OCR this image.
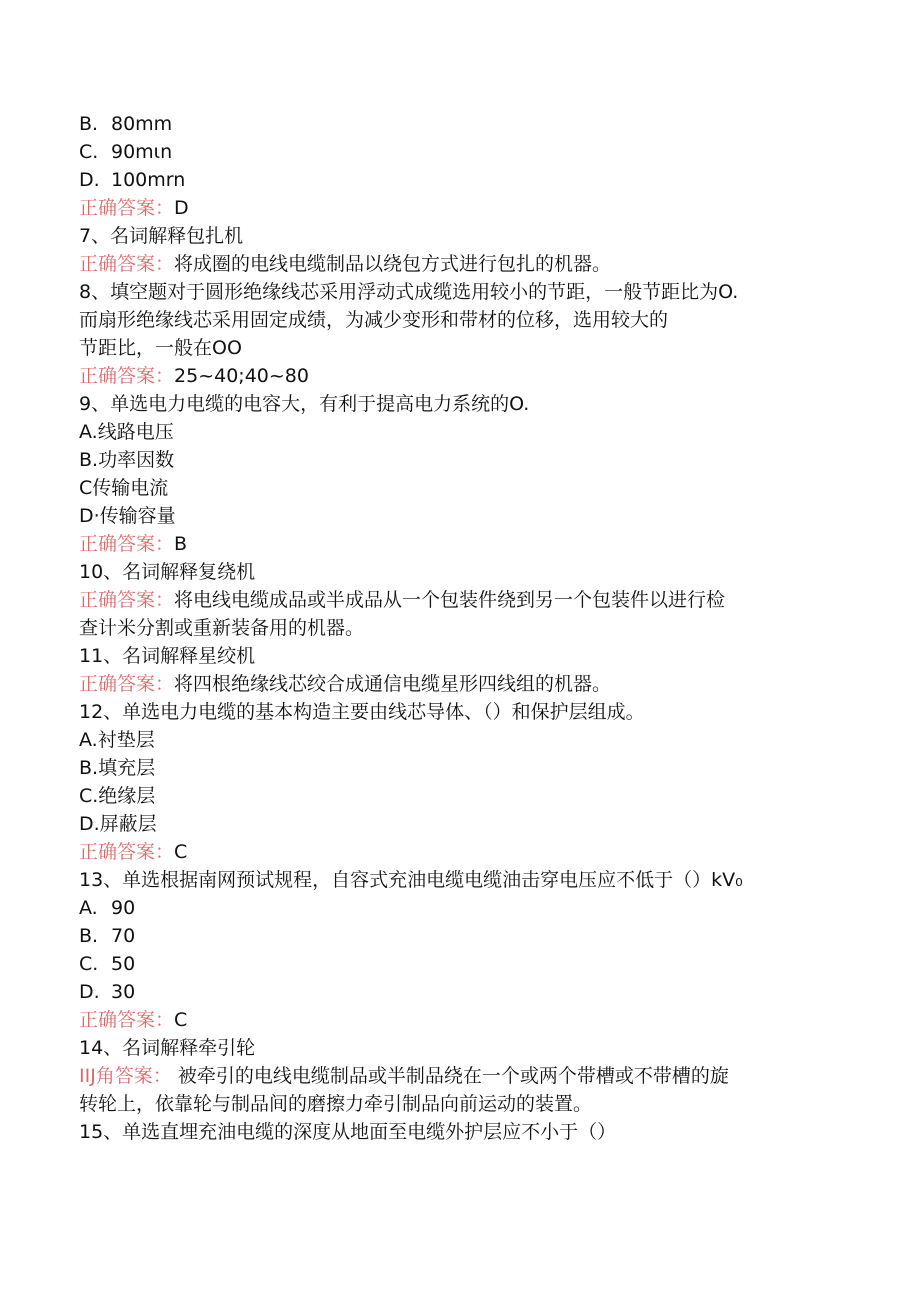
B. 80mm
C. 90mιn
D. 100mrn
正确答案：D
7、名词解释包扎机
正确答案：将成圈的电线电缆制品以绕包方式进行包扎的机器。
8、填空题对于圆形绝缘线芯采用浮动式成缆选用较小的节距，一般节距比为O.
而扇形绝缘线芯采用固定成绩，为减少变形和带材的位移，选用较大的
节距比，一般在OO
正确答案：25~40;40~80
9、单选电力电缆的电容大，有利于提高电力系统的O.
A.线路电压
B.功率因数
C传输电流
D·传输容量
正确答案：B
10、名词解释复绕机
正确答案：将电线电缆成品或半成品从一个包装件绕到另一个包装件以进行检
查计米分割或重新装备用的机器。
11、名词解释星绞机
正确答案：将四根绝缘线芯绞合成通信电缆星形四线组的机器。
12、单选电力电缆的基本构造主要由线芯导体、（）和保护层组成。
A.衬垫层
B.填充层
C.绝缘层
D.屏蔽层
正确答案：C
13、单选根据南网预试规程，自容式充油电缆电缆油击穿电压应不低于（）kV₀
A. 90
B. 70
C. 50
D. 30
正确答案：C
14、名词解释牵引轮
IIJ角答案： 被牵引的电线电缆制品或半制品绕在一个或两个带槽或不带槽的旋
转轮上，依靠轮与制品间的磨擦力牵引制品向前运动的装置。
15、单选直埋充油电缆的深度从地面至电缆外护层应不小于（）
